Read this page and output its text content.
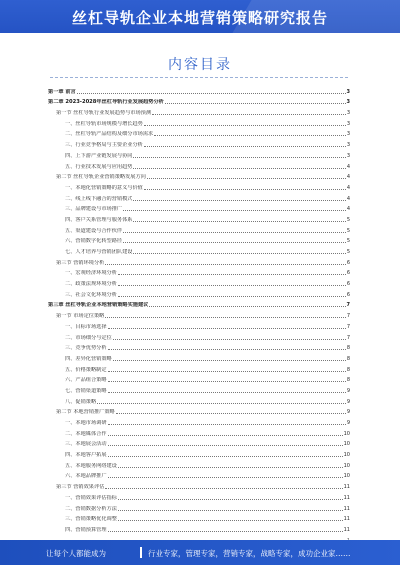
丝杠导轨企业本地营销策略研究报告
内容目录
第一章 前言	3
第二章 2023-2028年丝杠导轨行业发展趋势分析	3
第一节 丝杠导轨行业发展趋势与市场预测	3
一、丝杠导轨市场规模与增长趋势	3
二、丝杠导轨产品结构及细分市场需求	3
三、行业竞争格局与主要企业分析	3
四、上下游产业链发展与协同	3
五、行业技术发展与应用趋势	4
第二节 丝杠导轨企业营销策略发展方向	4
一、本地化营销策略的意义与价值	4
二、线上线下融合的营销模式	4
三、品牌建设与市场推广	4
四、客户关系管理与服务体系	5
五、渠道建设与合作伙伴	5
六、营销数字化转型路径	5
七、人才培养与营销团队建设	5
第三节 营销环境分析	6
一、宏观经济环境分析	6
二、政策法规环境分析	6
三、社会文化环境分析	6
第三章 丝杠导轨企业本地营销策略实施建议	7
第一节 市场定位策略	7
一、目标市场选择	7
二、市场细分与定位	7
三、竞争优势分析	8
四、差异化营销策略	8
五、价格策略制定	8
六、产品组合策略	8
七、营销渠道策略	9
八、促销策略	9
第二节 本地营销推广策略	9
一、本地市场调研	9
二、本地媒体合作	10
三、本地展会活动	10
四、本地客户拓展	10
五、本地服务网络建设	10
六、本地品牌推广	10
第三节 营销效果评估	11
一、营销效果评估指标	11
二、营销数据分析方法	11
三、营销策略优化调整	11
四、营销预算管理	11
让每个人都能成为	行业专家，管理专家，营销专家，战略专家，成功企业家……
